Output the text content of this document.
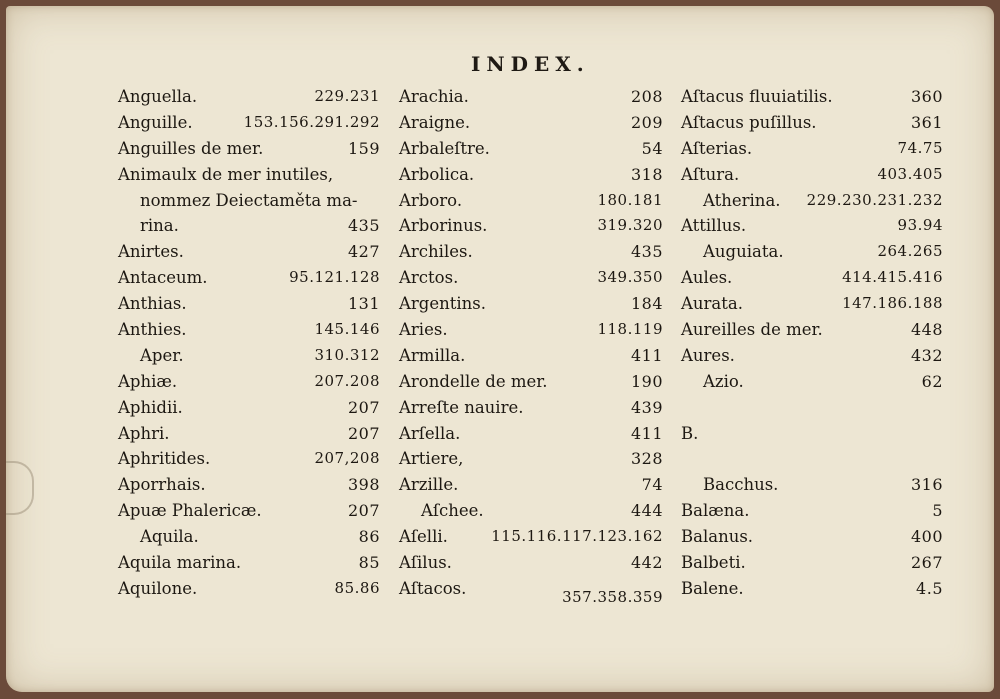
INDEX.
Anguella.	229.231
Anguille.	153.156.291.292
Anguilles de mer.	159
Animaulx de mer inutiles,
nommez Deiectaměta ma-
rina.	435
Anirtes.	427
Antaceum.	95.121.128
Anthias.	131
Anthies.	145.146
Aper.	310.312
Aphiæ.	207.208
Aphidii.	207
Aphri.	207
Aphritides.	207,208
Aporrhais.	398
Apuæ Phalericæ.	207
Aquila.	86
Aquila marina.	85
Aquilone.	85.86
Arachia.	208
Araigne.	209
Arbaleſtre.	54
Arbolica.	318
Arboro.	180.181
Arborinus.	319.320
Archiles.	435
Arctos.	349.350
Argentins.	184
Aries.	118.119
Armilla.	411
Arondelle de mer.	190
Arreſte nauire.	439
Arſella.	411
Artiere,	328
Arzille.	74
Aſchee.	444
Aſelli.	115.116.117.123.162
Aſilus.	442
Aſtacos.	357.358.359
Aſtacus fluuiatilis.	360
Aſtacus puſillus.	361
Aſterias.	74.75
Aſtura.	403.405
Atherina. 229.230.231.232
Attillus.	93.94
Auguiata.	264.265
Aules.	414.415.416
Aurata.	147.186.188
Aureilles de mer.	448
Aures.	432
Azio.	62
B.
Bacchus.	316
Balæna.	5
Balanus.	400
Balbeti.	267
Balene.	4.5
